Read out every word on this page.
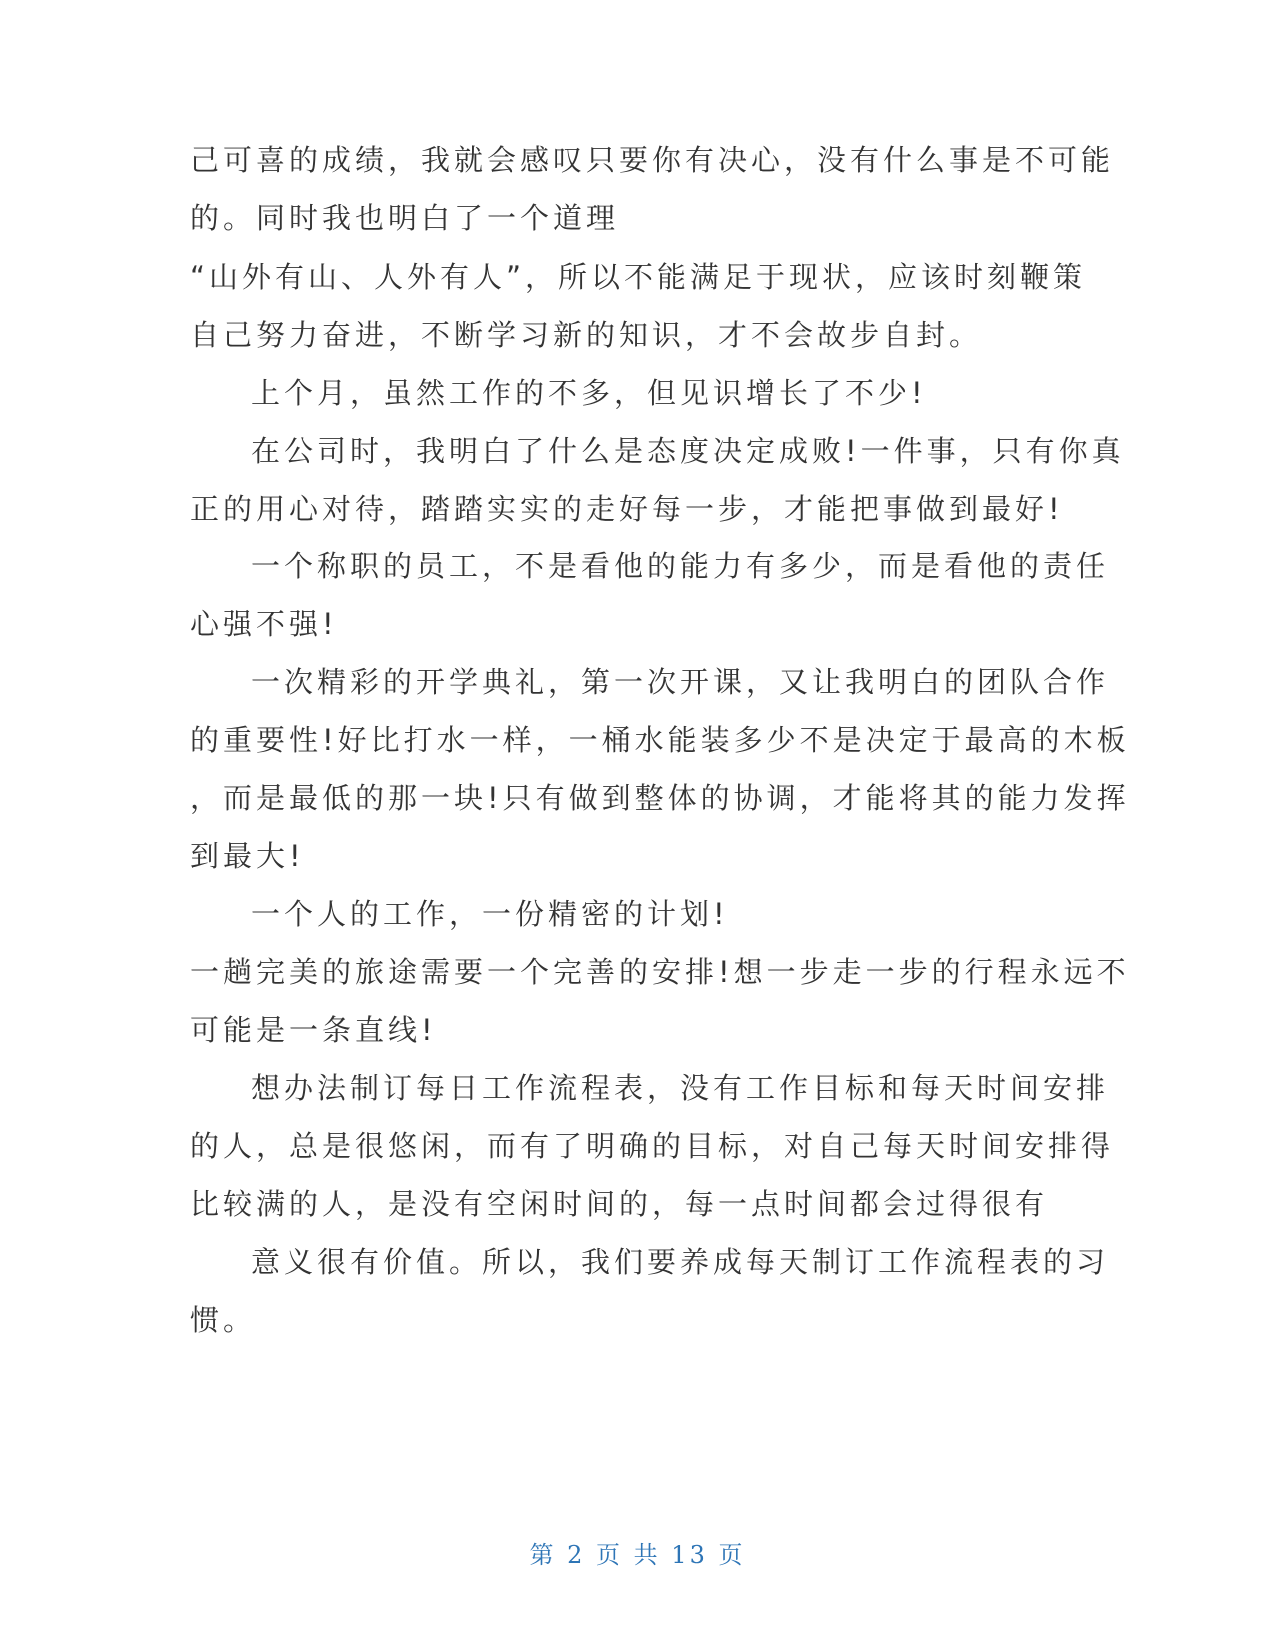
己可喜的成绩，我就会感叹只要你有决心，没有什么事是不可能
的。同时我也明白了一个道理
“山外有山、人外有人”，所以不能满足于现状，应该时刻鞭策
自己努力奋进，不断学习新的知识，才不会故步自封。
上个月，虽然工作的不多，但见识增长了不少!
在公司时，我明白了什么是态度决定成败!一件事，只有你真
正的用心对待，踏踏实实的走好每一步，才能把事做到最好!
一个称职的员工，不是看他的能力有多少，而是看他的责任
心强不强!
一次精彩的开学典礼，第一次开课，又让我明白的团队合作
的重要性!好比打水一样，一桶水能装多少不是决定于最高的木板
，而是最低的那一块!只有做到整体的协调，才能将其的能力发挥
到最大!
一个人的工作，一份精密的计划!
一趟完美的旅途需要一个完善的安排!想一步走一步的行程永远不
可能是一条直线!
想办法制订每日工作流程表，没有工作目标和每天时间安排
的人，总是很悠闲，而有了明确的目标，对自己每天时间安排得
比较满的人，是没有空闲时间的，每一点时间都会过得很有
意义很有价值。所以，我们要养成每天制订工作流程表的习
惯。
第 2 页 共 13 页
